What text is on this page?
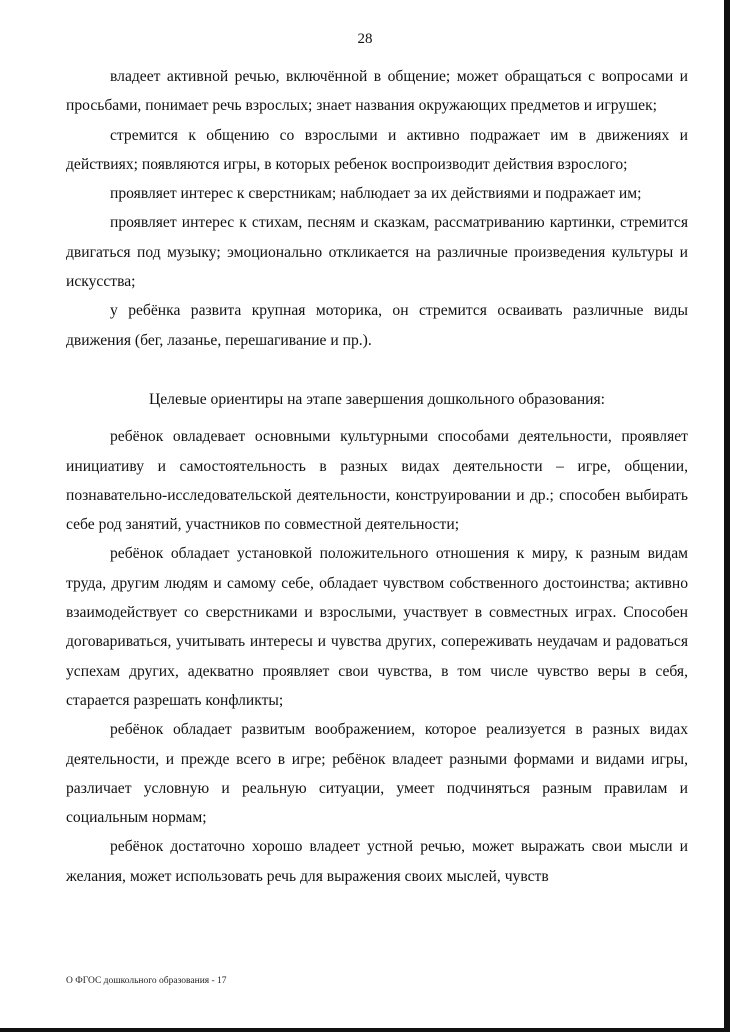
28

владеет активной речью, включённой в общение; может обращаться с вопросами и просьбами, понимает речь взрослых; знает названия окружающих предметов и игрушек;

стремится к общению со взрослыми и активно подражает им в движениях и действиях; появляются игры, в которых ребенок воспроизводит действия взрослого;

проявляет интерес к сверстникам; наблюдает за их действиями и подражает им;

проявляет интерес к стихам, песням и сказкам, рассматриванию картинки, стремится двигаться под музыку; эмоционально откликается на различные произведения культуры и искусства;

у ребёнка развита крупная моторика, он стремится осваивать различные виды движения (бег, лазанье, перешагивание и пр.).

Целевые ориентиры на этапе завершения дошкольного образования:

ребёнок овладевает основными культурными способами деятельности, проявляет инициативу и самостоятельность в разных видах деятельности – игре, общении, познавательно-исследовательской деятельности, конструировании и др.; способен выбирать себе род занятий, участников по совместной деятельности;

ребёнок обладает установкой положительного отношения к миру, к разным видам труда, другим людям и самому себе, обладает чувством собственного достоинства; активно взаимодействует со сверстниками и взрослыми, участвует в совместных играх. Способен договариваться, учитывать интересы и чувства других, сопереживать неудачам и радоваться успехам других, адекватно проявляет свои чувства, в том числе чувство веры в себя, старается разрешать конфликты;

ребёнок обладает развитым воображением, которое реализуется в разных видах деятельности, и прежде всего в игре; ребёнок владеет разными формами и видами игры, различает условную и реальную ситуации, умеет подчиняться разным правилам и социальным нормам;

ребёнок достаточно хорошо владеет устной речью, может выражать свои мысли и желания, может использовать речь для выражения своих мыслей, чувств

О ФГОС дошкольного образования - 17
